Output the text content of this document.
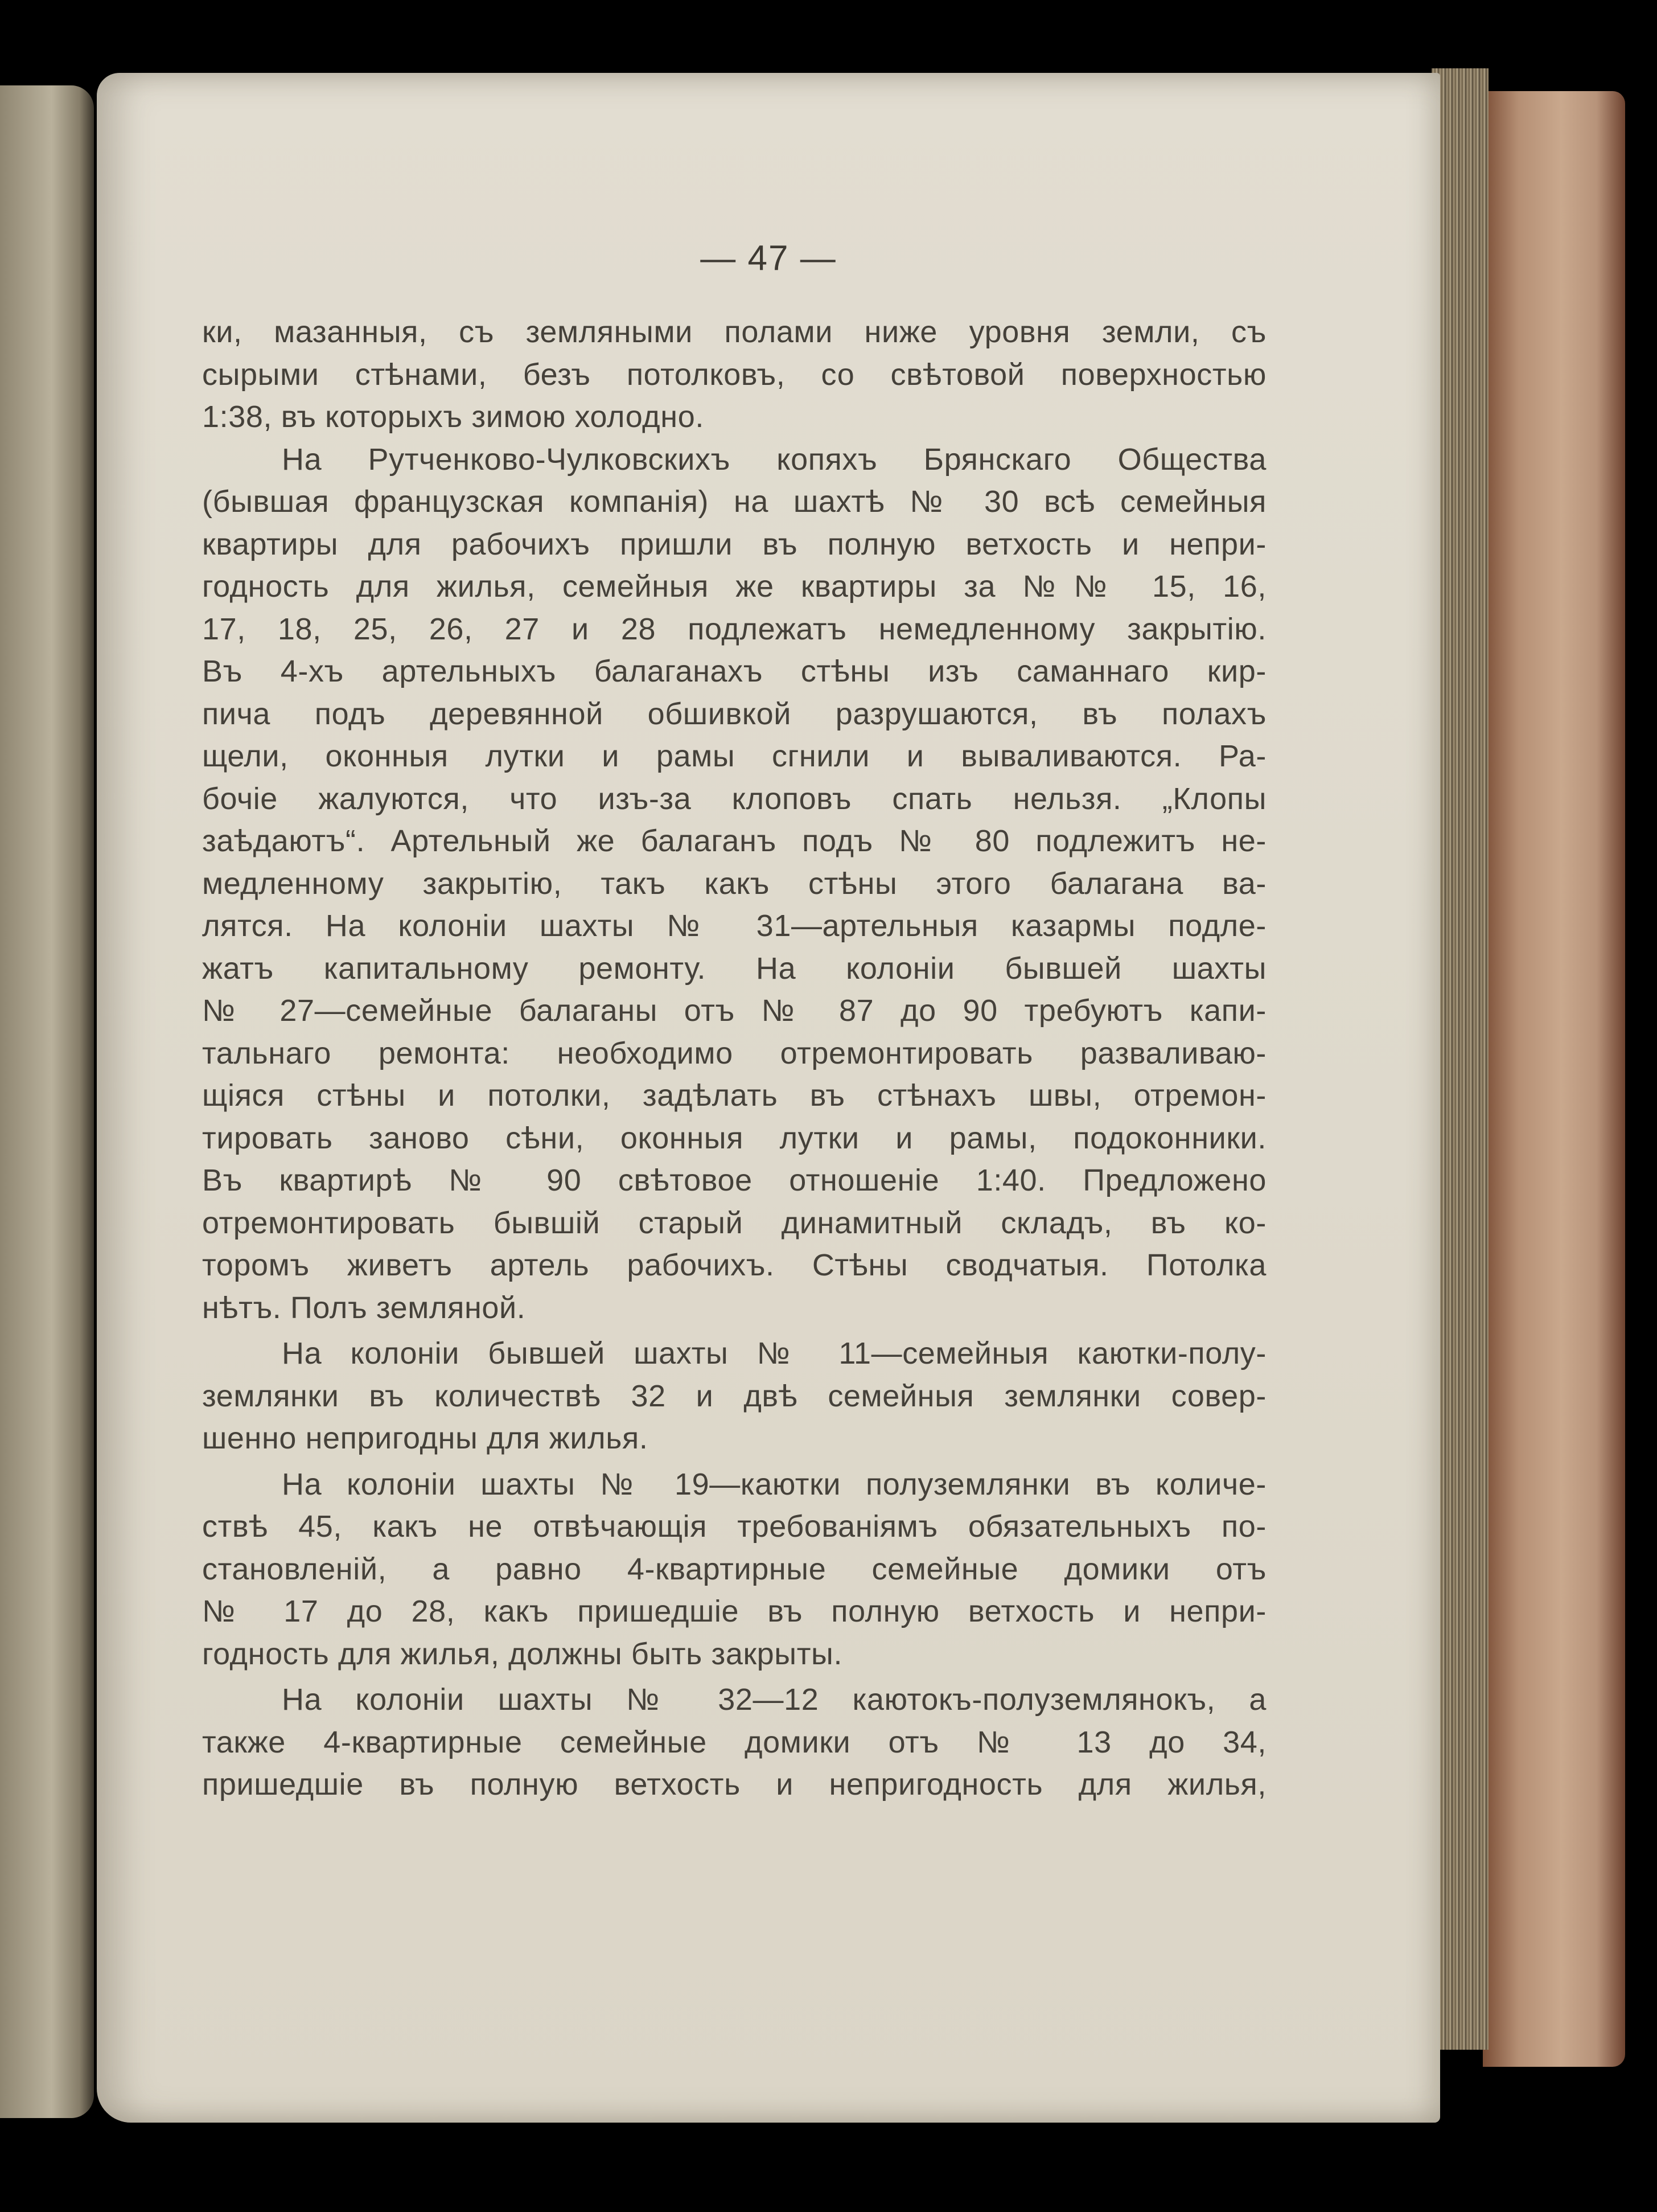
— 47 —
ки, мазанныя, съ земляными полами ниже уровня земли, съ
сырыми стѣнами, безъ потолковъ, со свѣтовой поверхностью
1:38, въ которыхъ зимою холодно.
На Рутченково-Чулковскихъ копяхъ Брянскаго Общества
(бывшая французская компанія) на шахтѣ № 30 всѣ семейныя
квартиры для рабочихъ пришли въ полную ветхость и непри-
годность для жилья, семейныя же квартиры за №№ 15, 16,
17, 18, 25, 26, 27 и 28 подлежатъ немедленному закрытію.
Въ 4-хъ артельныхъ балаганахъ стѣны изъ саманнаго кир-
пича подъ деревянной обшивкой разрушаются, въ полахъ
щели, оконныя лутки и рамы сгнили и вываливаются. Ра-
бочіе жалуются, что изъ-за клоповъ спать нельзя. „Клопы
заѣдаютъ“. Артельный же балаганъ подъ № 80 подлежитъ не-
медленному закрытію, такъ какъ стѣны этого балагана ва-
лятся. На колоніи шахты № 31—артельныя казармы подле-
жатъ капитальному ремонту. На колоніи бывшей шахты
№ 27—семейные балаганы отъ № 87 до 90 требуютъ капи-
тальнаго ремонта: необходимо отремонтировать разваливаю-
щіяся стѣны и потолки, задѣлать въ стѣнахъ швы, отремон-
тировать заново сѣни, оконныя лутки и рамы, подоконники.
Въ квартирѣ № 90 свѣтовое отношеніе 1:40. Предложено
отремонтировать бывшій старый динамитный складъ, въ ко-
торомъ живетъ артель рабочихъ. Стѣны сводчатыя. Потолка
нѣтъ. Полъ земляной.
На колоніи бывшей шахты № 11—семейныя каютки-полу-
землянки въ количествѣ 32 и двѣ семейныя землянки совер-
шенно непригодны для жилья.
На колоніи шахты № 19—каютки полуземлянки въ количе-
ствѣ 45, какъ не отвѣчающія требованіямъ обязательныхъ по-
становленій, а равно 4-квартирные семейные домики отъ
№ 17 до 28, какъ пришедшіе въ полную ветхость и непри-
годность для жилья, должны быть закрыты.
На колоніи шахты № 32—12 каютокъ-полуземлянокъ, а
также 4-квартирные семейные домики отъ № 13 до 34,
пришедшіе въ полную ветхость и непригодность для жилья,
